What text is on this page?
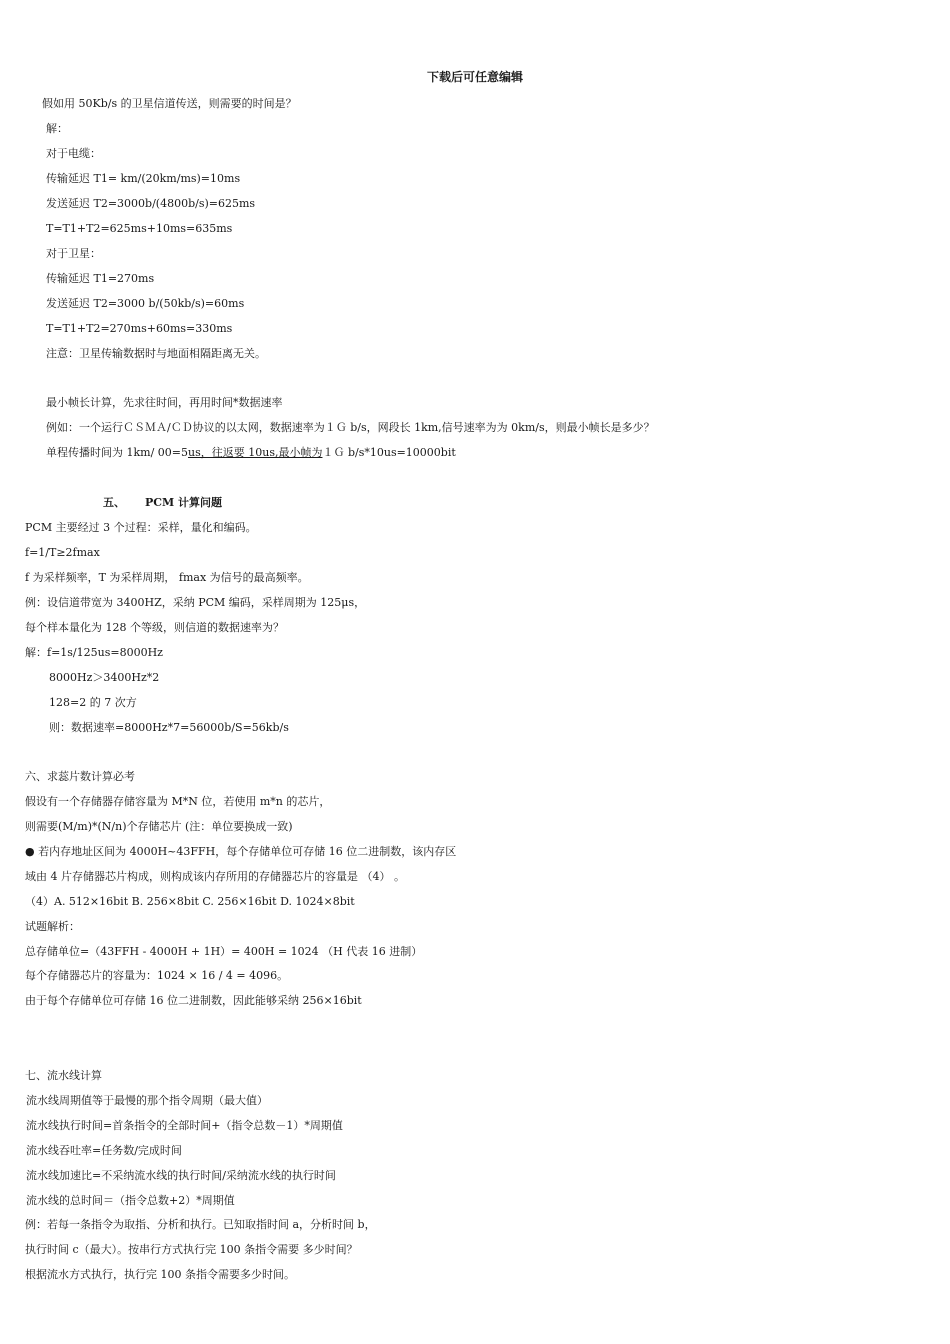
下载后可任意编辑
假如用 50Kb/s 的卫星信道传送，则需要的时间是？
解：
对于电缆：
传输延迟 T1= km/(20km/ms)=10ms
发送延迟 T2=3000b/(4800b/s)=625ms
T=T1+T2=625ms+10ms=635ms
对于卫星：
传输延迟 T1=270ms
发送延迟 T2=3000 b/(50kb/s)=60ms
T=T1+T2=270ms+60ms=330ms
注意：卫星传输数据时与地面相隔距离无关。
最小帧长计算，先求往时间，再用时间*数据速率
例如：一个运行ＣＳＭＡ/ＣＤ协议的以太网，数据速率为１Ｇ b/s，网段长 1km,信号速率为为 0km/s，则最小帧长是多少？
单程传播时间为 1km/ 00=5us，往返要 10us,最小帧为１Ｇ b/s*10us=10000bit
五、 PCM 计算问题
PCM 主要经过 3 个过程：采样，量化和编码。
f=1/T≥2fmax
f 为采样频率，T 为采样周期， fmax 为信号的最高频率。
例：设信道带宽为 3400HZ，采纳 PCM 编码，采样周期为 125μs，
每个样本量化为 128 个等级，则信道的数据速率为？
解：f=1s/125us=8000Hz
8000Hz＞3400Hz*2
128=2 的 7 次方
则：数据速率=8000Hz*7=56000b/S=56kb/s
六、求蕊片数计算必考
假设有一个存储器存储容量为 M*N 位，若使用 m*n 的芯片，
则需要(M/m)*(N/n)个存储芯片 (注：单位要换成一致)
● 若内存地址区间为 4000H~43FFH，每个存储单位可存储 16 位二进制数，该内存区
域由 4 片存储器芯片构成，则构成该内存所用的存储器芯片的容量是 （4） 。
（4）A. 512×16bit B. 256×8bit C. 256×16bit D. 1024×8bit
试题解析：
总存储单位=（43FFH - 4000H + 1H）= 400H = 1024 （H 代表 16 进制）
每个存储器芯片的容量为：1024 × 16 / 4 = 4096。
由于每个存储单位可存储 16 位二进制数，因此能够采纳 256×16bit
七、流水线计算
流水线周期值等于最慢的那个指令周期（最大值）
流水线执行时间=首条指令的全部时间+（指令总数－1）*周期值
流水线吞吐率=任务数/完成时间
流水线加速比=不采纳流水线的执行时间/采纳流水线的执行时间
流水线的总时间＝（指令总数+2）*周期值
例：若每一条指令为取指、分析和执行。已知取指时间 a，分析时间 b，
执行时间 c（最大）。按串行方式执行完 100 条指令需要 多少时间？
根据流水方式执行，执行完 100 条指令需要多少时间。
